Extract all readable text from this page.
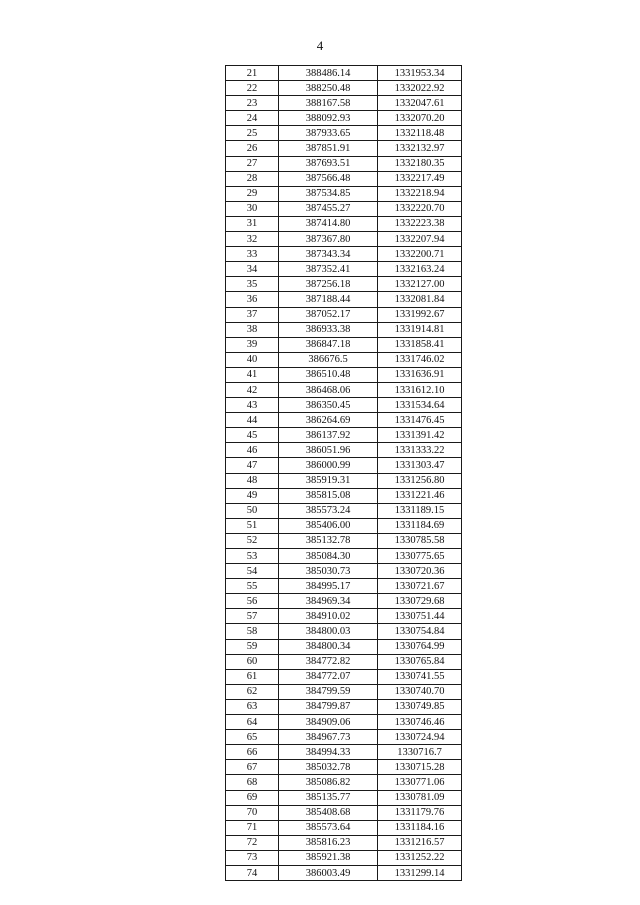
4
21	388486.14	1331953.34
22	388250.48	1332022.92
23	388167.58	1332047.61
24	388092.93	1332070.20
25	387933.65	1332118.48
26	387851.91	1332132.97
27	387693.51	1332180.35
28	387566.48	1332217.49
29	387534.85	1332218.94
30	387455.27	1332220.70
31	387414.80	1332223.38
32	387367.80	1332207.94
33	387343.34	1332200.71
34	387352.41	1332163.24
35	387256.18	1332127.00
36	387188.44	1332081.84
37	387052.17	1331992.67
38	386933.38	1331914.81
39	386847.18	1331858.41
40	386676.5	1331746.02
41	386510.48	1331636.91
42	386468.06	1331612.10
43	386350.45	1331534.64
44	386264.69	1331476.45
45	386137.92	1331391.42
46	386051.96	1331333.22
47	386000.99	1331303.47
48	385919.31	1331256.80
49	385815.08	1331221.46
50	385573.24	1331189.15
51	385406.00	1331184.69
52	385132.78	1330785.58
53	385084.30	1330775.65
54	385030.73	1330720.36
55	384995.17	1330721.67
56	384969.34	1330729.68
57	384910.02	1330751.44
58	384800.03	1330754.84
59	384800.34	1330764.99
60	384772.82	1330765.84
61	384772.07	1330741.55
62	384799.59	1330740.70
63	384799.87	1330749.85
64	384909.06	1330746.46
65	384967.73	1330724.94
66	384994.33	1330716.7
67	385032.78	1330715.28
68	385086.82	1330771.06
69	385135.77	1330781.09
70	385408.68	1331179.76
71	385573.64	1331184.16
72	385816.23	1331216.57
73	385921.38	1331252.22
74	386003.49	1331299.14
